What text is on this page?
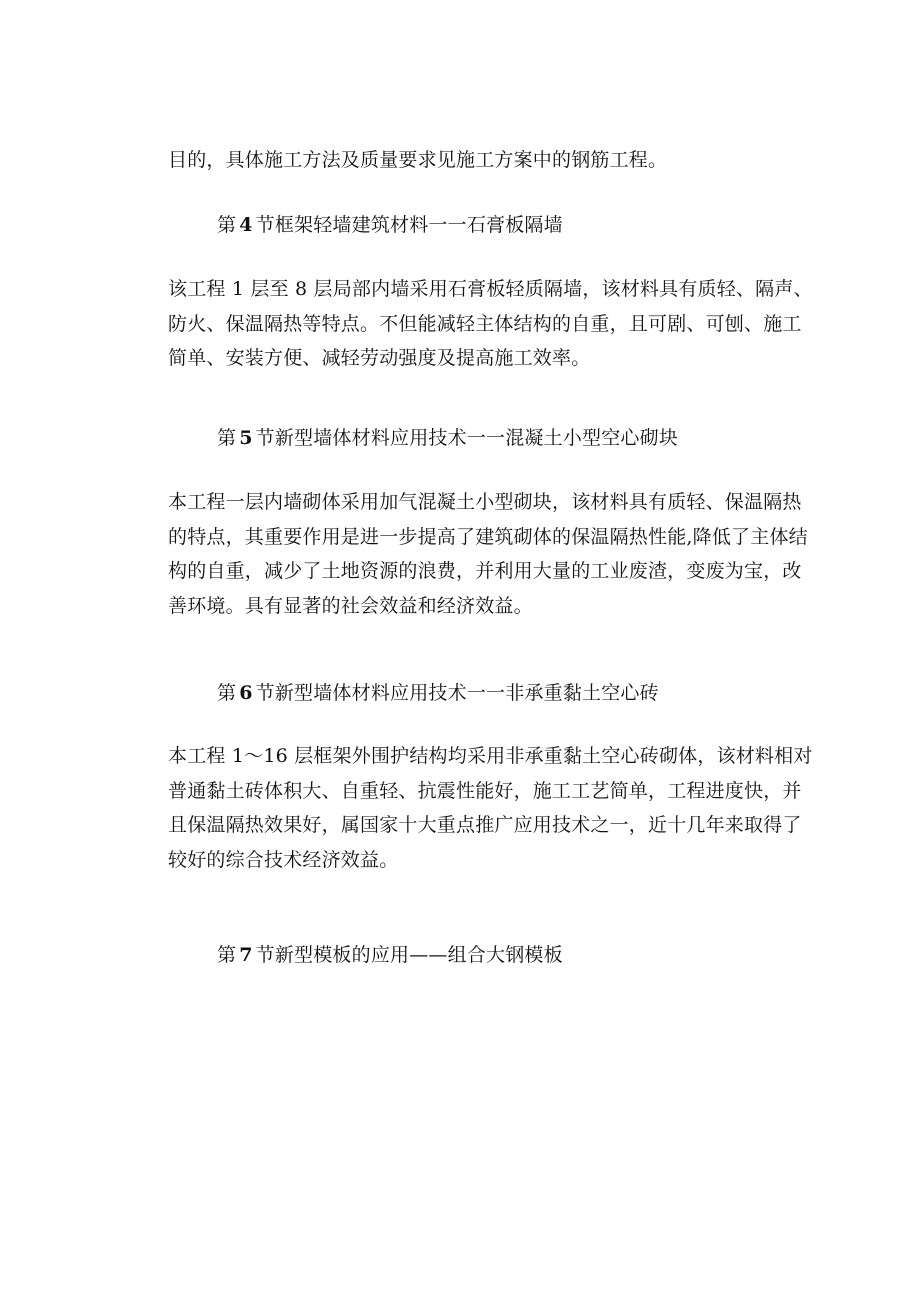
目的，具体施工方法及质量要求见施工方案中的钢筋工程。

第 4 节框架轻墙建筑材料一一石膏板隔墙

该工程 1 层至 8 层局部内墙采用石膏板轻质隔墙，该材料具有质轻、隔声、
防火、保温隔热等特点。不但能减轻主体结构的自重，且可剧、可刨、施工
简单、安装方便、减轻劳动强度及提高施工效率。

第 5 节新型墙体材料应用技术一一混凝土小型空心砌块

本工程一层内墙砌体采用加气混凝土小型砌块，该材料具有质轻、保温隔热
的特点，其重要作用是进一步提高了建筑砌体的保温隔热性能,降低了主体结
构的自重，减少了土地资源的浪费，并利用大量的工业废渣，变废为宝，改
善环境。具有显著的社会效益和经济效益。

第 6 节新型墙体材料应用技术一一非承重黏土空心砖

本工程 1～16 层框架外围护结构均采用非承重黏土空心砖砌体，该材料相对
普通黏土砖体积大、自重轻、抗震性能好，施工工艺简单，工程进度快，并
且保温隔热效果好，属国家十大重点推广应用技术之一，近十几年来取得了
较好的综合技术经济效益。

第 7 节新型模板的应用——组合大钢模板
